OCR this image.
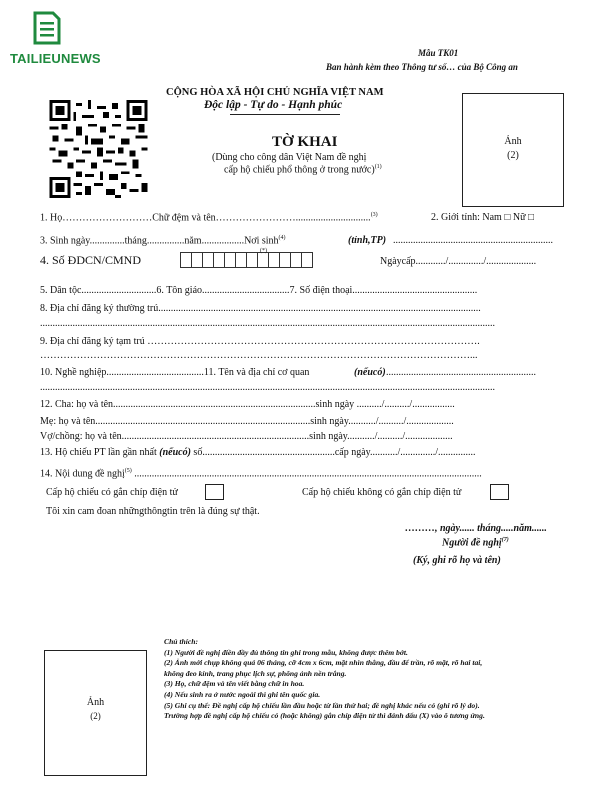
TAILIEUNEWS	Mẫu TK01
Ban hành kèm theo Thông tư số… của Bộ Công an
CỘNG HÒA XÃ HỘI CHỦ NGHĨA VIỆT NAM
Độc lập - Tự do - Hạnh phúc
TỜ KHAI
(Dùng cho công dân Việt Nam đề nghị
cấp hộ chiếu phổ thông ở trong nước)$^{(1)}$
Ảnh
(2)
1. Họ………………………Chữ đệm và tên……………………..............................$^{(3)}$	2. Giới tính: Nam □ Nữ □
3. Sinh ngày..............tháng...............năm.................Nơi $\sinh^{(4)}$	(tỉnh,TP) ................................................................
4. Số ĐDCN/CMND
(*)
Ngàycấp............/............../....................
5. Dân tộc..............................6. Tôn giáo...................................7. Số điện thoại..................................................
8. Địa chỉ đăng ký thường trú.................................................................................................................................
......................................................................................................................................................................................
9. Địa chỉ đăng ký tạm trú ……………………………………………………………………………………….
…………………………………………………………………………………………………………………...
10. Nghề nghiệp.......................................11. Tên và địa chỉ cơ quan	(nếucó) ............................................................
......................................................................................................................................................................................
12. Cha: họ và tên.................................................................................sinh ngày ........../........../.................
Mẹ: họ và tên......................................................................................sinh ngày.........../........../...................
Vợ/chồng: họ và tên...........................................................................sinh ngày.........../........../...................
13. Hộ chiếu PT lần gần nhất (nếucó) số.....................................................cấp ngày.........../............../...............
14. Nội dung đề nghị$^{(5)}$ ...........................................................................................................................................
Cấp hộ chiếu có gắn chíp điện tử	Cấp hộ chiếu không có gắn chíp điện tử
Tôi xin cam đoan nhữngthôngtin trên là đúng sự thật.
………, ngày...... tháng.....năm......
Người đề nghị$^{(7)}$
(Ký, ghi rõ họ và tên)
Ảnh
(2)
Chú thích:
(1) Người đề nghị điền đầy đủ thông tin ghi trong mẫu, không được thêm bớt.
(2) Ảnh mới chụp không quá 06 tháng, cỡ 4cm x 6cm, mặt nhìn thẳng, đầu để trần, rõ mặt, rõ hai tai,
không đeo kính, trang phục lịch sự, phông ảnh nền trắng.
(3) Họ, chữ đệm và tên viết bằng chữ in hoa.
(4) Nếu sinh ra ở nước ngoài thì ghi tên quốc gia.
(5) Ghi cụ thể: Đề nghị cấp hộ chiếu lần đầu hoặc từ lần thứ hai; đề nghị khác nếu có (ghi rõ lý do).
Trường hợp đề nghị cấp hộ chiếu có (hoặc không) gắn chíp điện tử thì đánh dấu (X) vào ô tương ứng.
